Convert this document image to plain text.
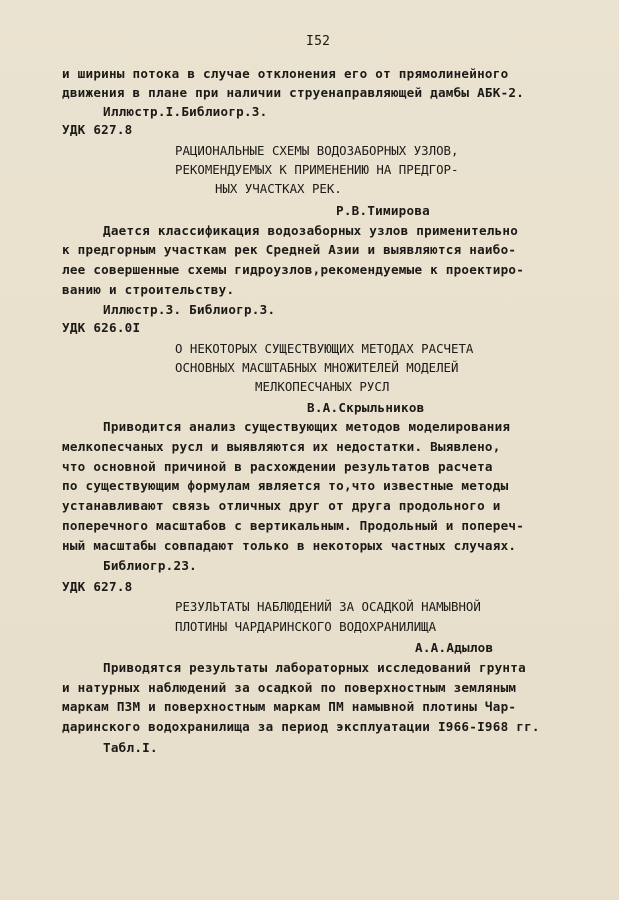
I52
и ширины потока в случае отклонения его от прямолинейного
движения в плане при наличии струенаправляющей дамбы АБК-2.
Иллюстр.I.Библиогр.3.
УДК 627.8
РАЦИОНАЛЬНЫЕ СХЕМЫ ВОДОЗАБОРНЫХ УЗЛОВ,
РЕКОМЕНДУЕМЫХ К ПРИМЕНЕНИЮ НА ПРЕДГОР-
НЫХ УЧАСТКАХ РЕК.
Р.В.Тимирова
Дается классификация водозаборных узлов применительно
к предгорным участкам рек Средней Азии и выявляются наибо-
лее совершенные схемы гидроузлов,рекомендуемые к проектиро-
ванию и строительству.
Иллюстр.3. Библиогр.3.
УДК 626.0I
О НЕКОТОРЫХ СУЩЕСТВУЮЩИХ МЕТОДАХ РАСЧЕТА
ОСНОВНЫХ МАСШТАБНЫХ МНОЖИТЕЛЕЙ МОДЕЛЕЙ
МЕЛКОПЕСЧАНЫХ РУСЛ
В.А.Скрыльников
Приводится анализ существующих методов моделирования
мелкопесчаных русл и выявляются их недостатки. Выявлено,
что основной причиной в расхождении результатов расчета
по существующим формулам является то,что известные методы
устанавливают связь отличных друг от друга продольного и
поперечного масштабов с вертикальным. Продольный и попереч-
ный масштабы совпадают только в некоторых частных случаях.
Библиогр.23.
УДК 627.8
РЕЗУЛЬТАТЫ НАБЛЮДЕНИЙ ЗА ОСАДКОЙ НАМЫВНОЙ
ПЛОТИНЫ ЧАРДАРИНСКОГО ВОДОХРАНИЛИЩА
А.А.Адылов
Приводятся результаты лабораторных исследований грунта
и натурных наблюдений за осадкой по поверхностным земляным
маркам ПЗМ и поверхностным маркам ПМ намывной плотины Чар-
даринского водохранилища за период эксплуатации I966-I968 гг.
Табл.I.
